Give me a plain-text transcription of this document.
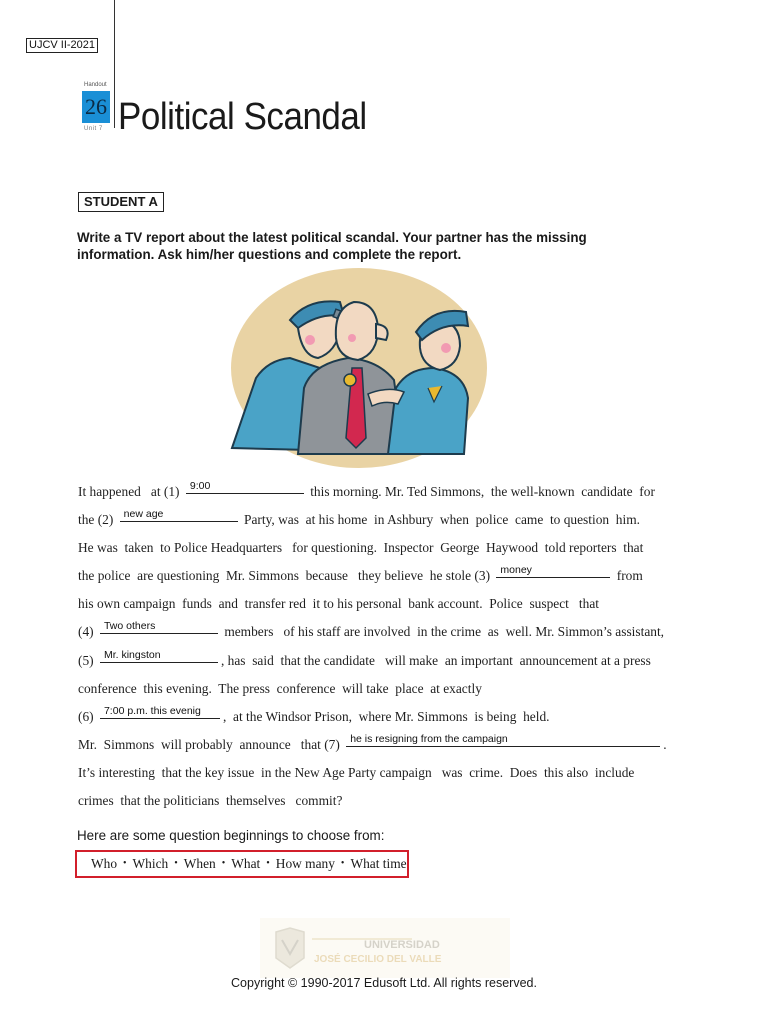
UJCV II-2021
Handout
26
Unit 7 Political Scandal
STUDENT A
Write a TV report about the latest political scandal. Your partner has the missing information. Ask him/her questions and complete the report.
It happened   at (1) 9:00	this morning. Mr. Ted Simmons,  the well-known  candidate  for
the (2) new age	Party, was  at his home  in Ashbury  when  police  came  to question  him.
He was  taken  to Police Headquarters   for questioning.  Inspector  George  Haywood  told reporters  that
the police  are questioning  Mr. Simmons  because   they believe  he stole (3) money	from
his own campaign  funds  and  transfer red  it to his personal  bank account.  Police  suspect   that
(4) Two others	members   of his staff are involved  in the crime  as  well. Mr. Simmon’s assistant,
(5) Mr. kingston	, has  said  that the candidate   will make  an important  announcement at a press
conference  this evening.  The press  conference  will take  place  at exactly
(6) 7:00 p.m. this evenig ,  at the Windsor Prison,  where Mr. Simmons  is being  held.
Mr.  Simmons  will probably  announce   that (7) he is resigning from the campaign	.
It’s interesting  that the key issue  in the New Age Party campaign   was  crime.  Does  this also  include
crimes  that the politicians  themselves   commit?
Here are some question beginnings to choose from:
Who • Which • When • What • How many • What time
UNIVERSIDAD
JOSÉ CECILIO DEL VALLE
Copyright © 1990-2017 Edusoft Ltd. All rights reserved.
